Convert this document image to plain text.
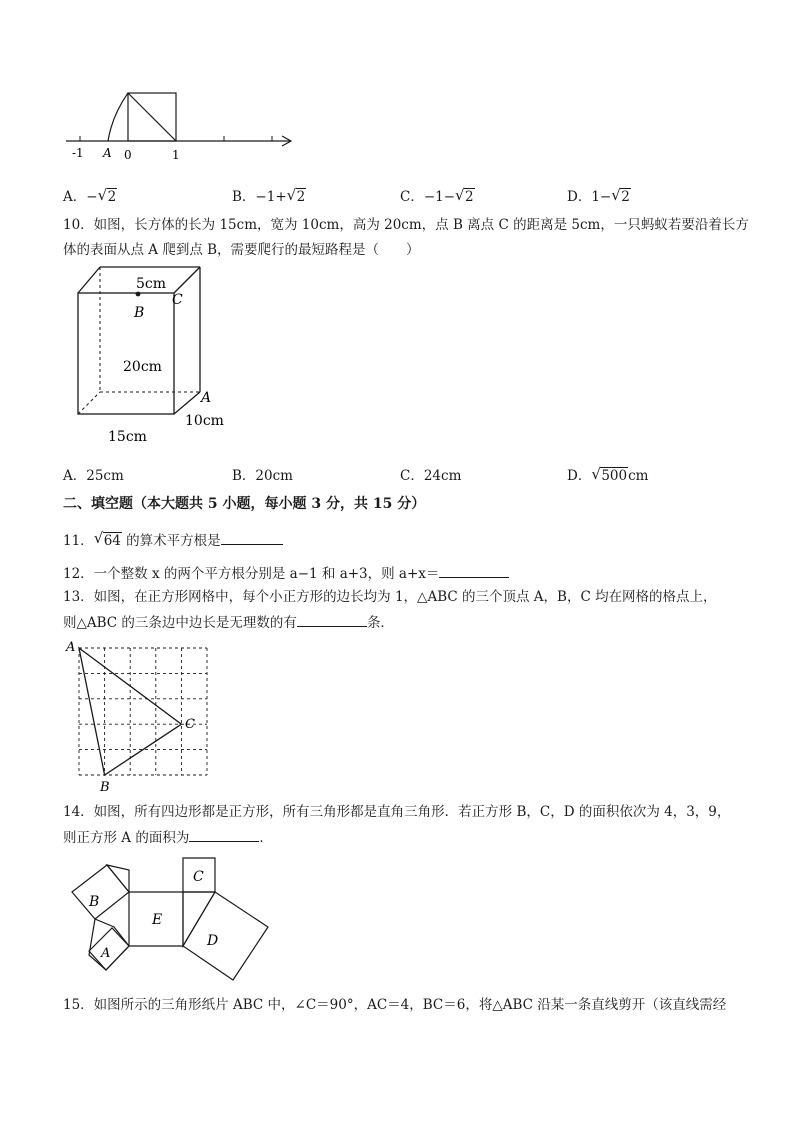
-1 A 0	1
A．− √ 2	B．−1+ √ 2	C．−1− √ 2	D．1− √ 2
10．如图，长方体的长为 15cm，宽为 10cm，高为 20cm，点 B 离点 C 的距离是 5cm，一只蚂蚁若要沿着长方
体的表面从点 A 爬到点 B，需要爬行的最短路程是（　　）
5cm
B
C
20cm
A
10cm
15cm
A．25cm	B．20cm	C．24cm	D． √ 500cm
二、填空题（本大题共 5 小题，每小题 3 分，共 15 分）
11． √ 64 的算术平方根是
12．一个整数 x 的两个平方根分别是 a−1 和 a+3，则 a+x＝
13．如图，在正方形网格中，每个小正方形的边长均为 1，△ABC 的三个顶点 A，B，C 均在网格的格点上，
则△ABC 的三条边中边长是无理数的有	条．
A
B
C
14．如图，所有四边形都是正方形，所有三角形都是直角三角形．若正方形 B，C，D 的面积依次为 4，3，9，
则正方形 A 的面积为	．
E
C
D
B
A
15．如图所示的三角形纸片 ABC 中，∠C＝90°，AC＝4，BC＝6，将△ABC 沿某一条直线剪开（该直线需经
